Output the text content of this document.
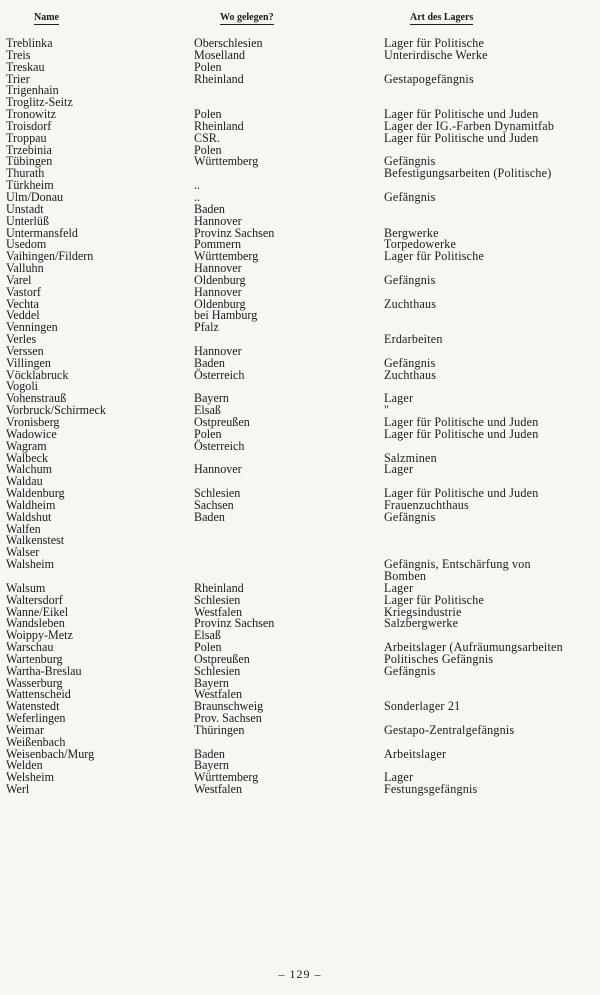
Name	Wo gelegen?	Art des Lagers
Treblinka
Treis
Treskau
Trier
Trigenhain
Troglitz-Seitz
Tronowitz
Troisdorf
Troppau
Trzebinia
Tübingen
Thurath
Türkheim
Ulm/Donau
Unstadt
Unterlüß
Untermansfeld
Usedom
Vaihingen/Fildern
Valluhn
Varel
Vastorf
Vechta
Veddel
Venningen
Verles
Verssen
Villingen
Vöcklabruck
Vogoli
Vohenstrauß
Vorbruck/Schirmeck
Vronisberg
Wadowice
Wagram
Walbeck
Walchum
Waldau
Waldenburg
Waldheim
Waldshut
Walfen
Walkenstest
Walser
Walsheim
Walsum
Waltersdorf
Wanne/Eikel
Wandsleben
Woippy-Metz
Warschau
Wartenburg
Wartha-Breslau
Wasserburg
Wattenscheid
Watenstedt
Weferlingen
Weimar
Weißenbach
Weisenbach/Murg
Welden
Welsheim
Werl
Oberschlesien
Moselland
Polen
Rheinland
Polen
Rheinland
CSR.
Polen
Württemberg
..
..
Baden
Hannover
Provinz Sachsen
Pommern
Württemberg
Hannover
Oldenburg
Hannover
Oldenburg
bei Hamburg
Pfalz
Hannover
Baden
Österreich
Bayern
Elsaß
Ostpreußen
Polen
Österreich
Hannover
Schlesien
Sachsen
Baden
Rheinland
Schlesien
Westfalen
Provinz Sachsen
Elsaß
Polen
Ostpreußen
Schlesien
Bayern
Westfalen
Braunschweig
Prov. Sachsen
Thüringen
Baden
Bayern
Württemberg
Westfalen
Lager für Politische
Unterirdische Werke
Gestapogefängnis
Lager für Politische und Juden
Lager der IG.-Farben Dynamitfab
Lager für Politische und Juden
Gefängnis
Befestigungsarbeiten (Politische)
Gefängnis
Bergwerke
Torpedowerke
Lager für Politische
Gefängnis
Zuchthaus
Erdarbeiten
Gefängnis
Zuchthaus
Lager
"
Lager für Politische und Juden
Lager für Politische und Juden
Salzminen
Lager
Lager für Politische und Juden
Frauenzuchthaus
Gefängnis
Gefängnis, Entschärfung von
Bomben
Lager
Lager für Politische
Kriegsindustrie
Salzbergwerke
Arbeitslager (Aufräumungsarbeiten
Politisches Gefängnis
Gefängnis
Sonderlager 21
Gestapo-Zentralgefängnis
Arbeitslager
Lager
Festungsgefängnis
– 129 –
